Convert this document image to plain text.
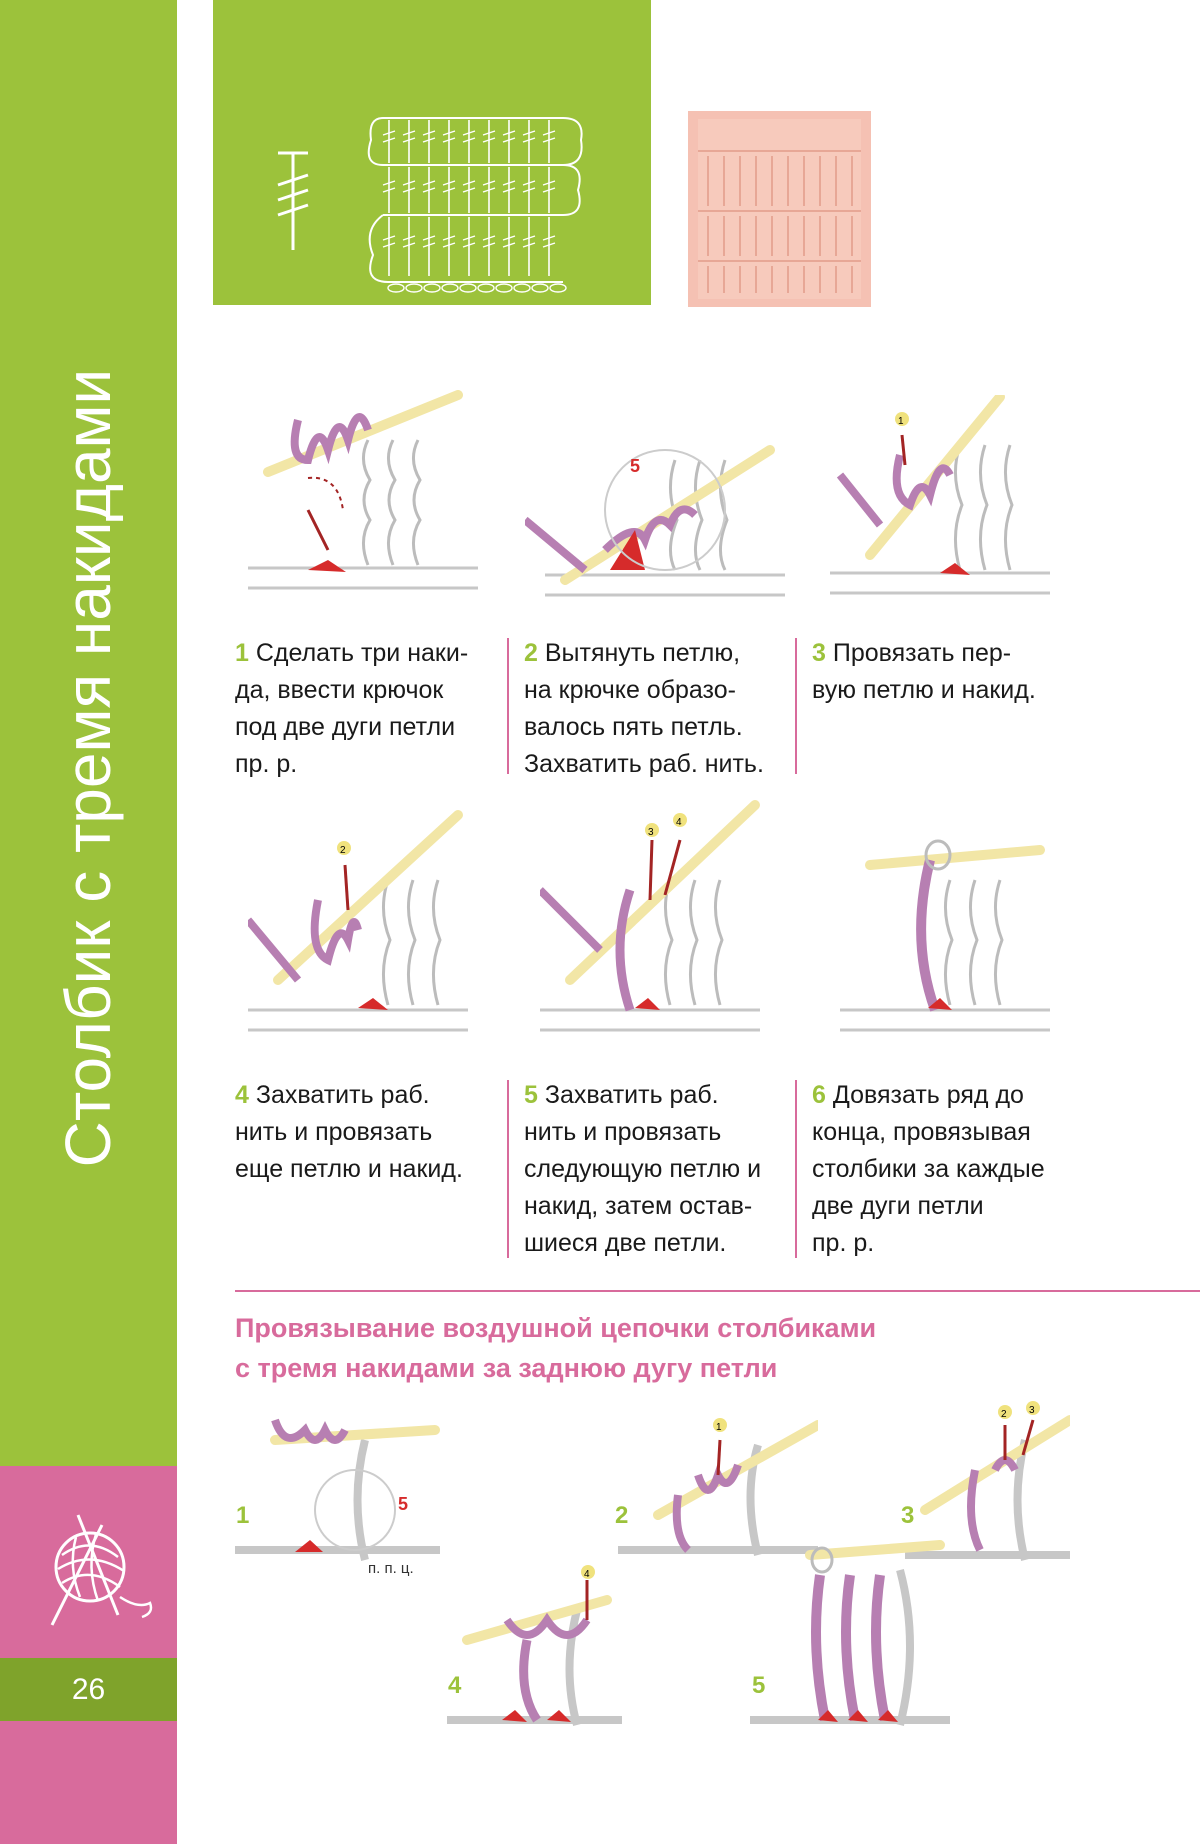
Столбик с тремя накидами
26
5
1
1 Сделать три наки-
да, ввести крючок
под две дуги петли
пр. р.
2 Вытянуть петлю,
на крючке образо-
валось пять петль.
Захватить раб. нить.
3 Провязать пер-
вую петлю и накид.
2
3
4
4 Захватить раб.
нить и провязать
еще петлю и накид.
5 Захватить раб.
нить и провязать
следующую петлю и
накид, затем остав-
шиеся две петли.
6 Довязать ряд до
конца, провязывая
столбики за каждые
две дуги петли
пр. р.
Провязывание воздушной цепочки столбиками
с тремя накидами за заднюю дугу петли
5
1
п. п. ц.
1
2
2 3
3
4
4	5
